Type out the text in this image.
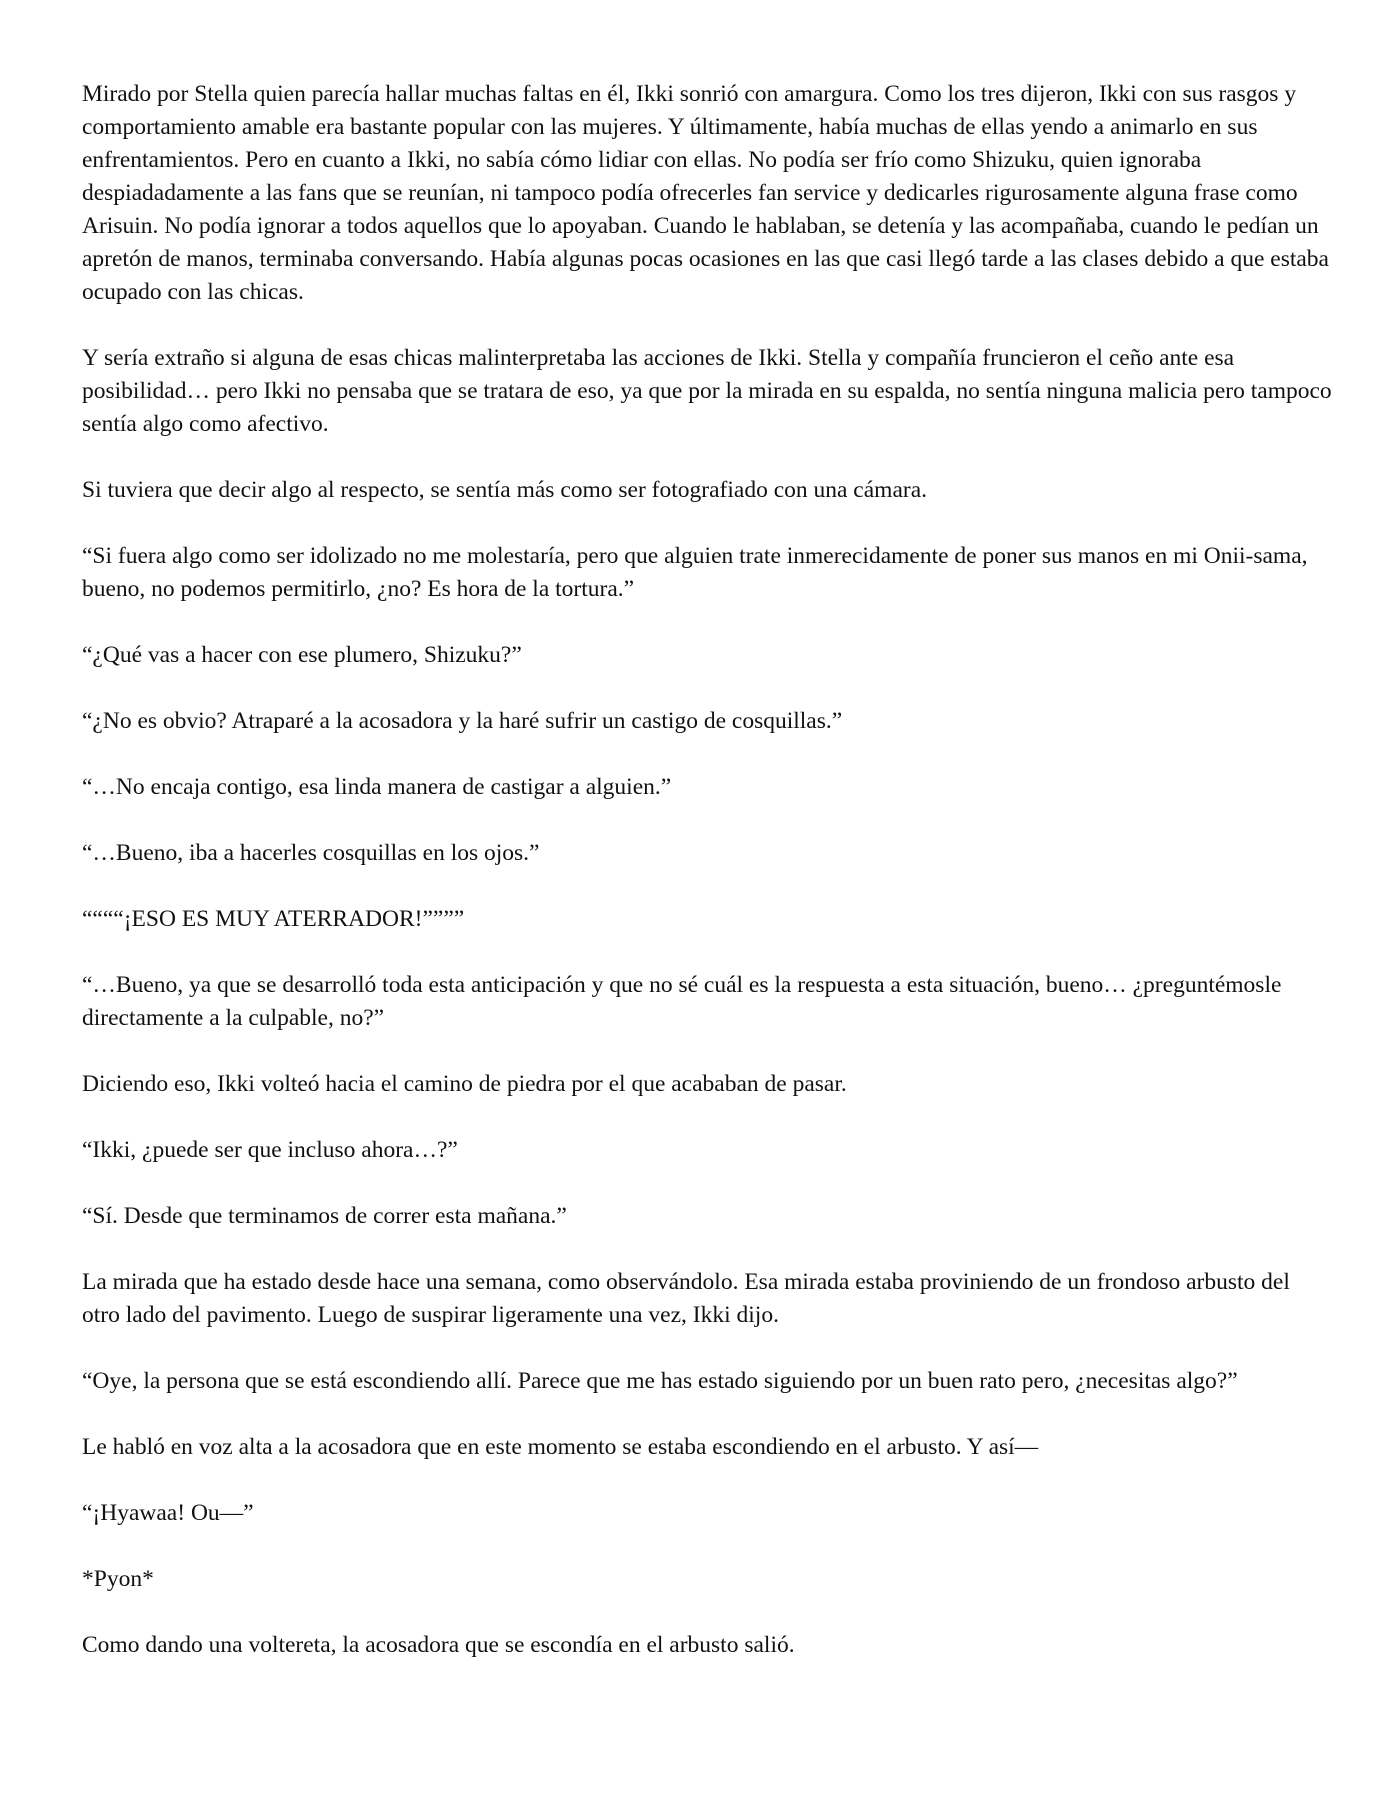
Mirado por Stella quien parecía hallar muchas faltas en él, Ikki sonrió con amargura. Como los tres dijeron, Ikki con sus rasgos y comportamiento amable era bastante popular con las mujeres. Y últimamente, había muchas de ellas yendo a animarlo en sus enfrentamientos. Pero en cuanto a Ikki, no sabía cómo lidiar con ellas. No podía ser frío como Shizuku, quien ignoraba despiadadamente a las fans que se reunían, ni tampoco podía ofrecerles fan service y dedicarles rigurosamente alguna frase como Arisuin. No podía ignorar a todos aquellos que lo apoyaban. Cuando le hablaban, se detenía y las acompañaba, cuando le pedían un apretón de manos, terminaba conversando. Había algunas pocas ocasiones en las que casi llegó tarde a las clases debido a que estaba ocupado con las chicas.

Y sería extraño si alguna de esas chicas malinterpretaba las acciones de Ikki. Stella y compañía fruncieron el ceño ante esa posibilidad… pero Ikki no pensaba que se tratara de eso, ya que por la mirada en su espalda, no sentía ninguna malicia pero tampoco sentía algo como afectivo.

Si tuviera que decir algo al respecto, se sentía más como ser fotografiado con una cámara.

“Si fuera algo como ser idolizado no me molestaría, pero que alguien trate inmerecidamente de poner sus manos en mi Onii-sama, bueno, no podemos permitirlo, ¿no? Es hora de la tortura.”

“¿Qué vas a hacer con ese plumero, Shizuku?”

“¿No es obvio? Atraparé a la acosadora y la haré sufrir un castigo de cosquillas.”

“…No encaja contigo, esa linda manera de castigar a alguien.”

“…Bueno, iba a hacerles cosquillas en los ojos.”

““““¡ESO ES MUY ATERRADOR!””””

“…Bueno, ya que se desarrolló toda esta anticipación y que no sé cuál es la respuesta a esta situación, bueno… ¿preguntémosle directamente a la culpable, no?”

Diciendo eso, Ikki volteó hacia el camino de piedra por el que acababan de pasar.

“Ikki, ¿puede ser que incluso ahora…?”

“Sí. Desde que terminamos de correr esta mañana.”

La mirada que ha estado desde hace una semana, como observándolo. Esa mirada estaba proviniendo de un frondoso arbusto del otro lado del pavimento. Luego de suspirar ligeramente una vez, Ikki dijo.

“Oye, la persona que se está escondiendo allí. Parece que me has estado siguiendo por un buen rato pero, ¿necesitas algo?”

Le habló en voz alta a la acosadora que en este momento se estaba escondiendo en el arbusto. Y así—

“¡Hyawaa! Ou—”

*Pyon*

Como dando una voltereta, la acosadora que se escondía en el arbusto salió.
